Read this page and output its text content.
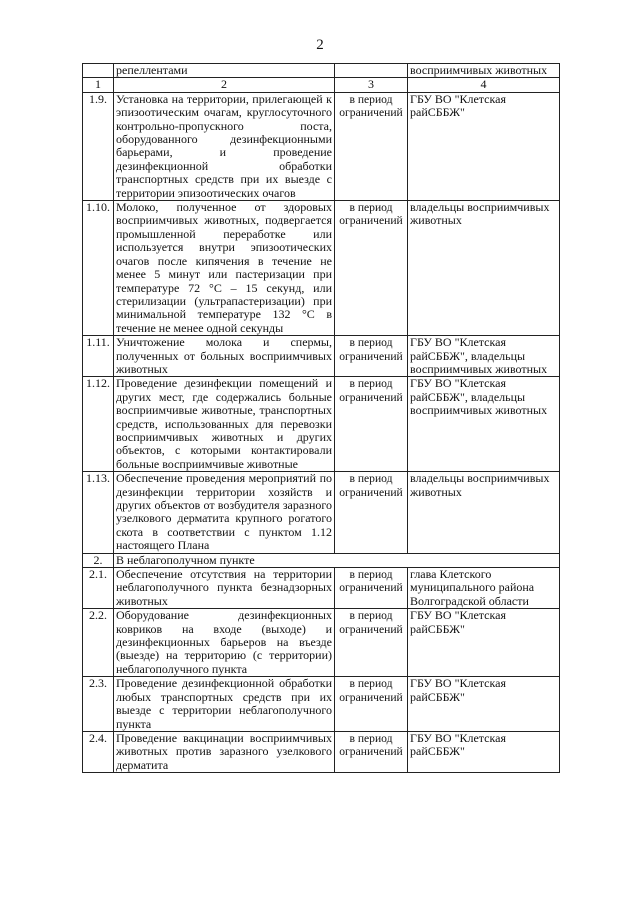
2
	репеллентами		восприимчивых животных
1	2	3	4
1.9.	Установка на территории, прилегающей к эпизоотическим очагам, круглосуточного контрольно-пропускного поста, оборудованного дезинфекционными барьерами, и проведение дезинфекционной обработки транспортных средств при их выезде с территории эпизоотических очагов	в период ограничений	ГБУ ВО "Клетская райСББЖ"
1.10.	Молоко, полученное от здоровых восприимчивых животных, подвергается промышленной переработке или используется внутри эпизоотических очагов после кипячения в течение не менее 5 минут или пастеризации при температуре 72 °С – 15 секунд, или стерилизации (ультрапастеризации) при минимальной температуре 132 °С в течение не менее одной секунды	в период ограничений	владельцы восприимчивых животных
1.11.	Уничтожение молока и спермы, полученных от больных восприимчивых животных	в период ограничений	ГБУ ВО "Клетская райСББЖ", владельцы восприимчивых животных
1.12.	Проведение дезинфекции помещений и других мест, где содержались больные восприимчивые животные, транспортных средств, использованных для перевозки восприимчивых животных и других объектов, с которыми контактировали больные восприимчивые животные	в период ограничений	ГБУ ВО "Клетская райСББЖ", владельцы восприимчивых животных
1.13.	Обеспечение проведения мероприятий по дезинфекции территории хозяйств и других объектов от возбудителя заразного узелкового дерматита крупного рогатого скота в соответствии с пунктом 1.12 настоящего Плана	в период ограничений	владельцы восприимчивых животных
2.	В неблагополучном пункте		
2.1.	Обеспечение отсутствия на территории неблагополучного пункта безнадзорных животных	в период ограничений	глава Клетского муниципального района Волгоградской области
2.2.	Оборудование дезинфекционных ковриков на входе (выходе) и дезинфекционных барьеров на въезде (выезде) на территорию (с территории) неблагополучного пункта	в период ограничений	ГБУ ВО "Клетская райСББЖ"
2.3.	Проведение дезинфекционной обработки любых транспортных средств при их выезде с территории неблагополучного пункта	в период ограничений	ГБУ ВО "Клетская райСББЖ"
2.4.	Проведение вакцинации восприимчивых животных против заразного узелкового дерматита	в период ограничений	ГБУ ВО "Клетская райСББЖ"
